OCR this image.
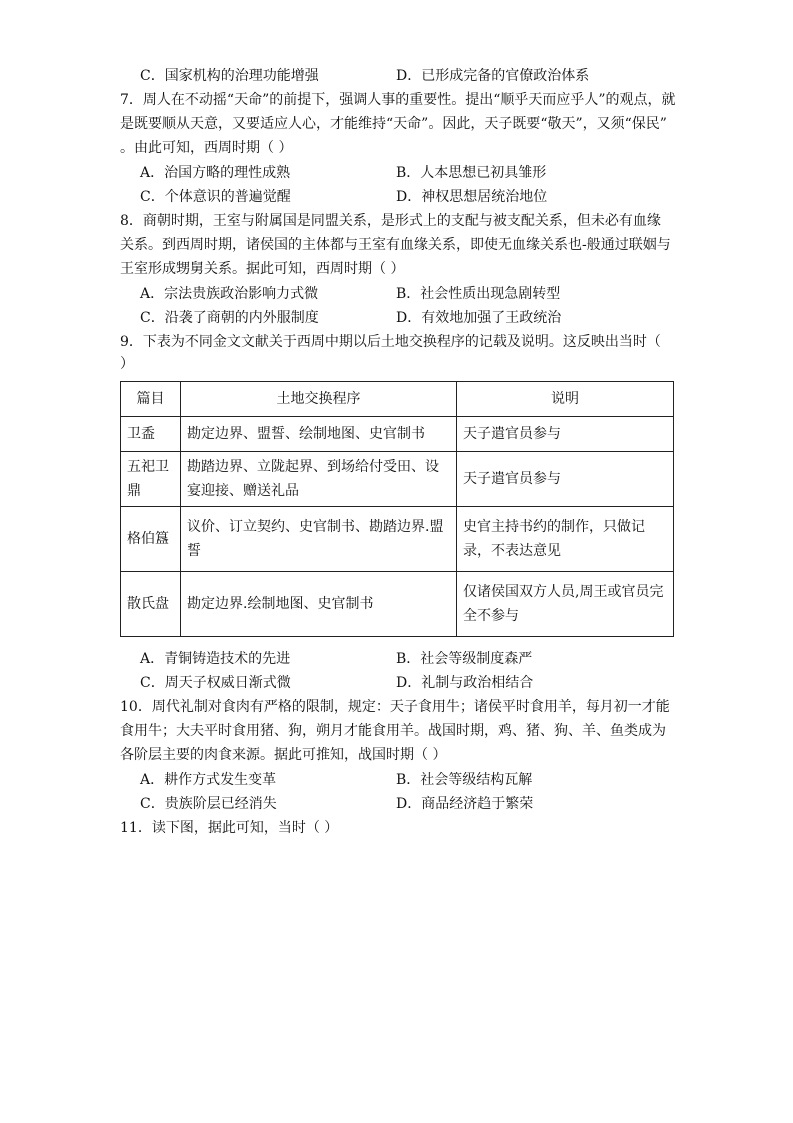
C．国家机构的治理功能增强	D．已形成完备的官僚政治体系
7．周人在不动摇“天命”的前提下，强调人事的重要性。提出“顺乎天而应乎人”的观点，就
是既要顺从天意，又要适应人心，才能维持“天命”。因此，天子既要“敬天”，又须“保民”
。由此可知，西周时期（ ）
A．治国方略的理性成熟	B．人本思想已初具雏形
C．个体意识的普遍觉醒	D．神权思想居统治地位
8．商朝时期，王室与附属国是同盟关系，是形式上的支配与被支配关系，但未必有血缘
关系。到西周时期，诸侯国的主体都与王室有血缘关系，即使无血缘关系也-般通过联姻与
王室形成甥舅关系。据此可知，西周时期（ ）
A．宗法贵族政治影响力式微	B．社会性质出现急剧转型
C．沿袭了商朝的内外服制度	D．有效地加强了王政统治
9．下表为不同金文文献关于西周中期以后土地交换程序的记载及说明。这反映出当时（
）
篇目	土地交换程序	说明
卫盉	勘定边界、盟誓、绘制地图、史官制书	天子遣官员参与
五祀卫鼎	勘踏边界、立陇起界、到场给付受田、设宴迎接、赠送礼品	天子遣官员参与
格伯簋	议价、订立契约、史官制书、勘踏边界.盟誓	史官主持书约的制作，只做记录，不表达意见
散氏盘	勘定边界.绘制地图、史官制书	仅诸侯国双方人员,周王或官员完全不参与
A．青铜铸造技术的先进	B．社会等级制度森严
C．周天子权威日渐式微	D．礼制与政治相结合
10．周代礼制对食肉有严格的限制，规定：天子食用牛；诸侯平时食用羊，每月初一才能
食用牛；大夫平时食用猪、狗，朔月才能食用羊。战国时期，鸡、猪、狗、羊、鱼类成为
各阶层主要的肉食来源。据此可推知，战国时期（ ）
A．耕作方式发生变革	B．社会等级结构瓦解
C．贵族阶层已经消失	D．商品经济趋于繁荣
11．读下图，据此可知，当时（ ）
